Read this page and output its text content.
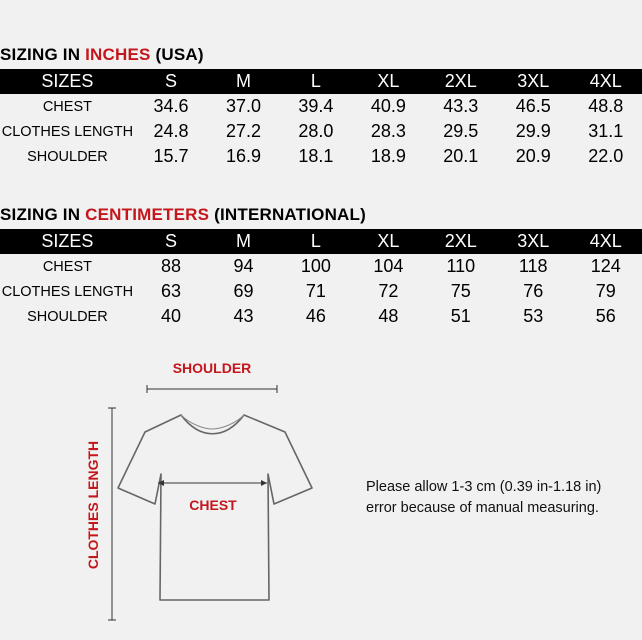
SIZING IN INCHES (USA)
SIZES	S	M	L	XL	2XL	3XL	4XL
CHEST	34.6	37.0	39.4	40.9	43.3	46.5	48.8
CLOTHES LENGTH	24.8	27.2	28.0	28.3	29.5	29.9	31.1
SHOULDER	15.7	16.9	18.1	18.9	20.1	20.9	22.0
SIZING IN CENTIMETERS (INTERNATIONAL)
SIZES	S	M	L	XL	2XL	3XL	4XL
CHEST	88	94	100	104	110	118	124
CLOTHES LENGTH	63	69	71	72	75	76	79
SHOULDER	40	43	46	48	51	53	56
SHOULDER
CLOTHES LENGTH	CHEST
Please allow 1-3 cm (0.39 in-1.18 in)
error because of manual measuring.
